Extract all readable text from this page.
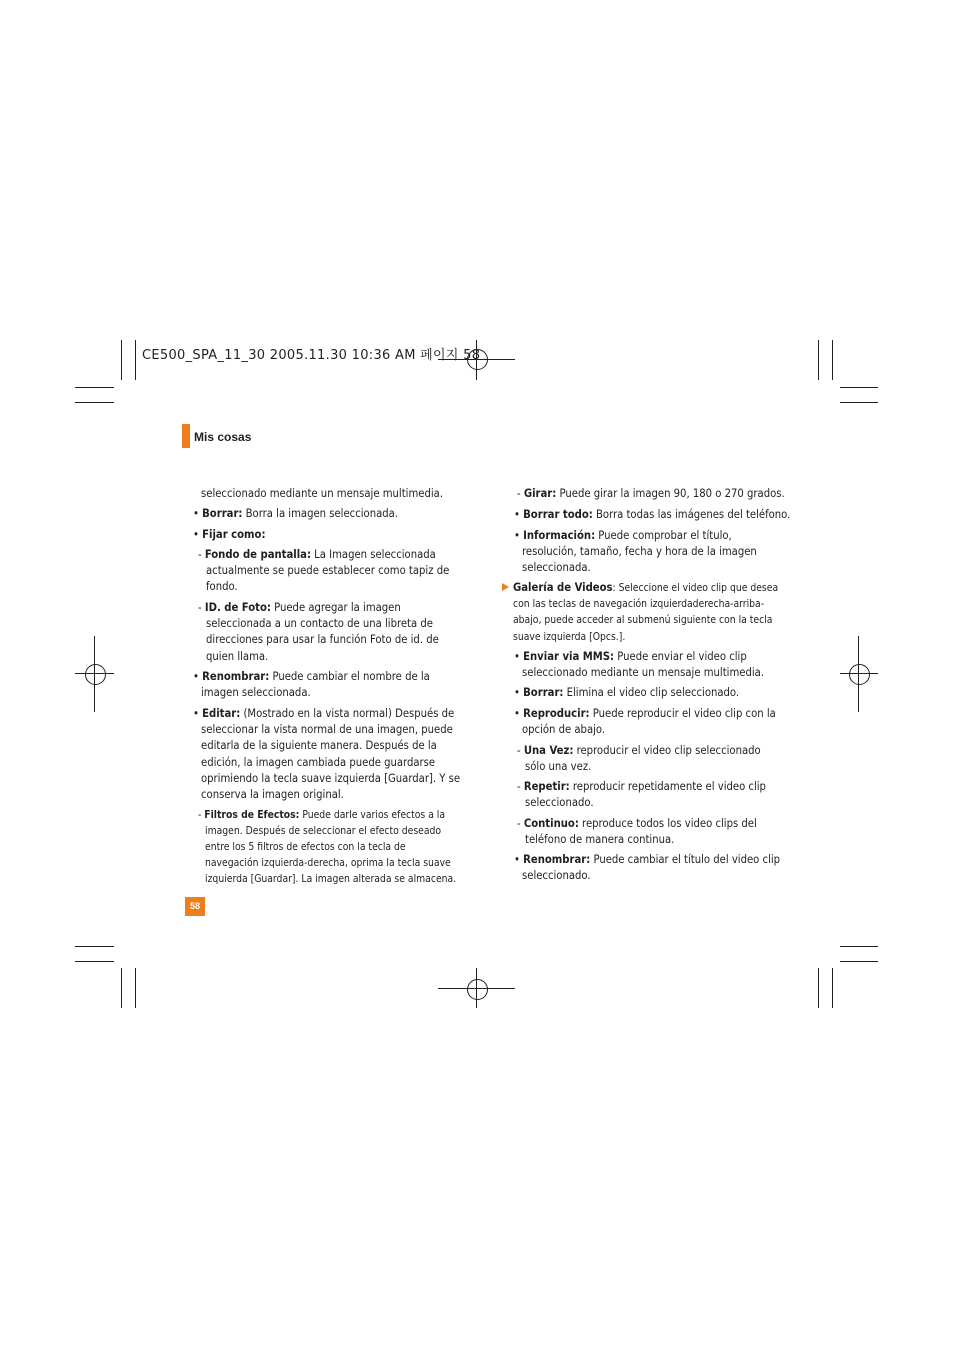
CE500_SPA_11_30 2005.11.30 10:36 AM 페이지 58
Mis cosas

seleccionado mediante un mensaje multimedia.

• Borrar: Borra la imagen seleccionada.

• Fijar como:

- Fondo de pantalla: La Imagen seleccionada

actualmente se puede establecer como tapiz de

fondo.

- ID. de Foto: Puede agregar la imagen

seleccionada a un contacto de una libreta de

direcciones para usar la función Foto de id. de

quien llama.

• Renombrar: Puede cambiar el nombre de la

imagen seleccionada.

• Editar: (Mostrado en la vista normal) Después de

seleccionar la vista normal de una imagen, puede

editarla de la siguiente manera. Después de la

edición, la imagen cambiada puede guardarse

oprimiendo la tecla suave izquierda [Guardar]. Y se

conserva la imagen original.

- Filtros de Efectos: Puede darle varios efectos a la

imagen. Después de seleccionar el efecto deseado

entre los 5 filtros de efectos con la tecla de

navegación izquierda-derecha, oprima la tecla suave

izquierda [Guardar]. La imagen alterada se almacena.

- Girar: Puede girar la imagen 90, 180 o 270 grados.

• Borrar todo: Borra todas las imágenes del teléfono.

• Información: Puede comprobar el título,

resolución, tamaño, fecha y hora de la imagen

seleccionada.

Galería de Videos: Seleccione el video clip que desea

con las teclas de navegación izquierdaderecha-arriba-

abajo, puede acceder al submenú siguiente con la tecla

suave izquierda [Opcs.].

• Enviar via MMS: Puede enviar el video clip

seleccionado mediante un mensaje multimedia.

• Borrar: Elimina el video clip seleccionado.

• Reproducir: Puede reproducir el video clip con la

opción de abajo.

- Una Vez: reproducir el video clip seleccionado

sólo una vez.

- Repetir: reproducir repetidamente el video clip

seleccionado.

- Continuo: reproduce todos los video clips del

teléfono de manera continua.

• Renombrar: Puede cambiar el título del video clip

seleccionado.

58
